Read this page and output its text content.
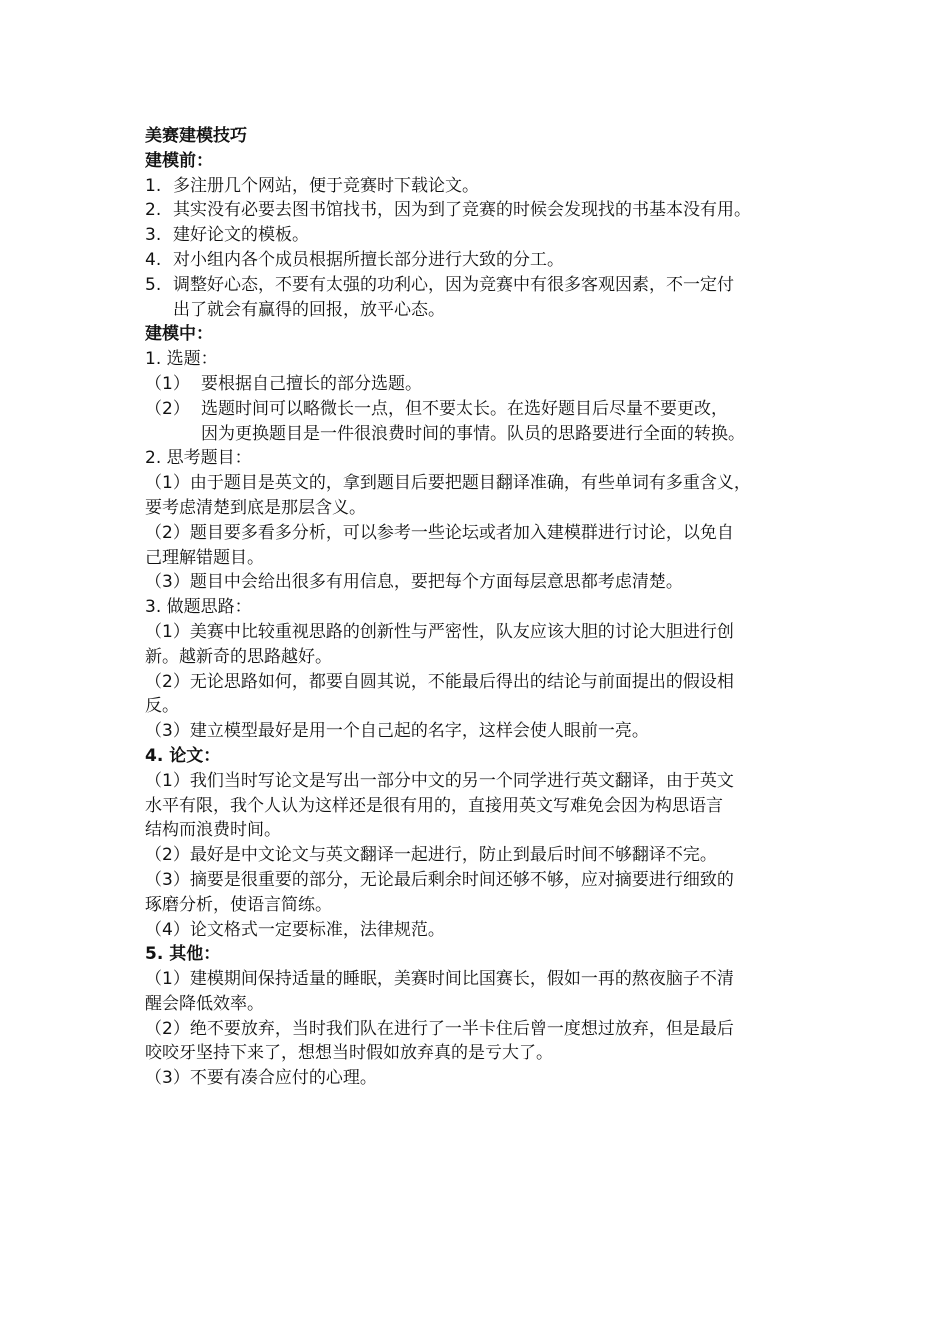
美赛建模技巧
建模前：
1. 多注册几个网站，便于竞赛时下载论文。
2. 其实没有必要去图书馆找书，因为到了竞赛的时候会发现找的书基本没有用。
3. 建好论文的模板。
4. 对小组内各个成员根据所擅长部分进行大致的分工。
5. 调整好心态，不要有太强的功利心，因为竞赛中有很多客观因素，不一定付
出了就会有赢得的回报，放平心态。
建模中：
1. 选题：
（1） 要根据自己擅长的部分选题。
（2） 选题时间可以略微长一点，但不要太长。在选好题目后尽量不要更改，
因为更换题目是一件很浪费时间的事情。队员的思路要进行全面的转换。
2. 思考题目：
（1）由于题目是英文的，拿到题目后要把题目翻译准确，有些单词有多重含义，
要考虑清楚到底是那层含义。
（2）题目要多看多分析，可以参考一些论坛或者加入建模群进行讨论，以免自
己理解错题目。
（3）题目中会给出很多有用信息，要把每个方面每层意思都考虑清楚。
3. 做题思路：
（1）美赛中比较重视思路的创新性与严密性，队友应该大胆的讨论大胆进行创
新。越新奇的思路越好。
（2）无论思路如何，都要自圆其说，不能最后得出的结论与前面提出的假设相
反。
（3）建立模型最好是用一个自己起的名字，这样会使人眼前一亮。
4. 论文：
（1）我们当时写论文是写出一部分中文的另一个同学进行英文翻译，由于英文
水平有限，我个人认为这样还是很有用的，直接用英文写难免会因为构思语言
结构而浪费时间。
（2）最好是中文论文与英文翻译一起进行，防止到最后时间不够翻译不完。
（3）摘要是很重要的部分，无论最后剩余时间还够不够，应对摘要进行细致的
琢磨分析，使语言简练。
（4）论文格式一定要标准，法律规范。
5. 其他：
（1）建模期间保持适量的睡眠，美赛时间比国赛长，假如一再的熬夜脑子不清
醒会降低效率。
（2）绝不要放弃，当时我们队在进行了一半卡住后曾一度想过放弃，但是最后
咬咬牙坚持下来了，想想当时假如放弃真的是亏大了。
（3）不要有凑合应付的心理。
